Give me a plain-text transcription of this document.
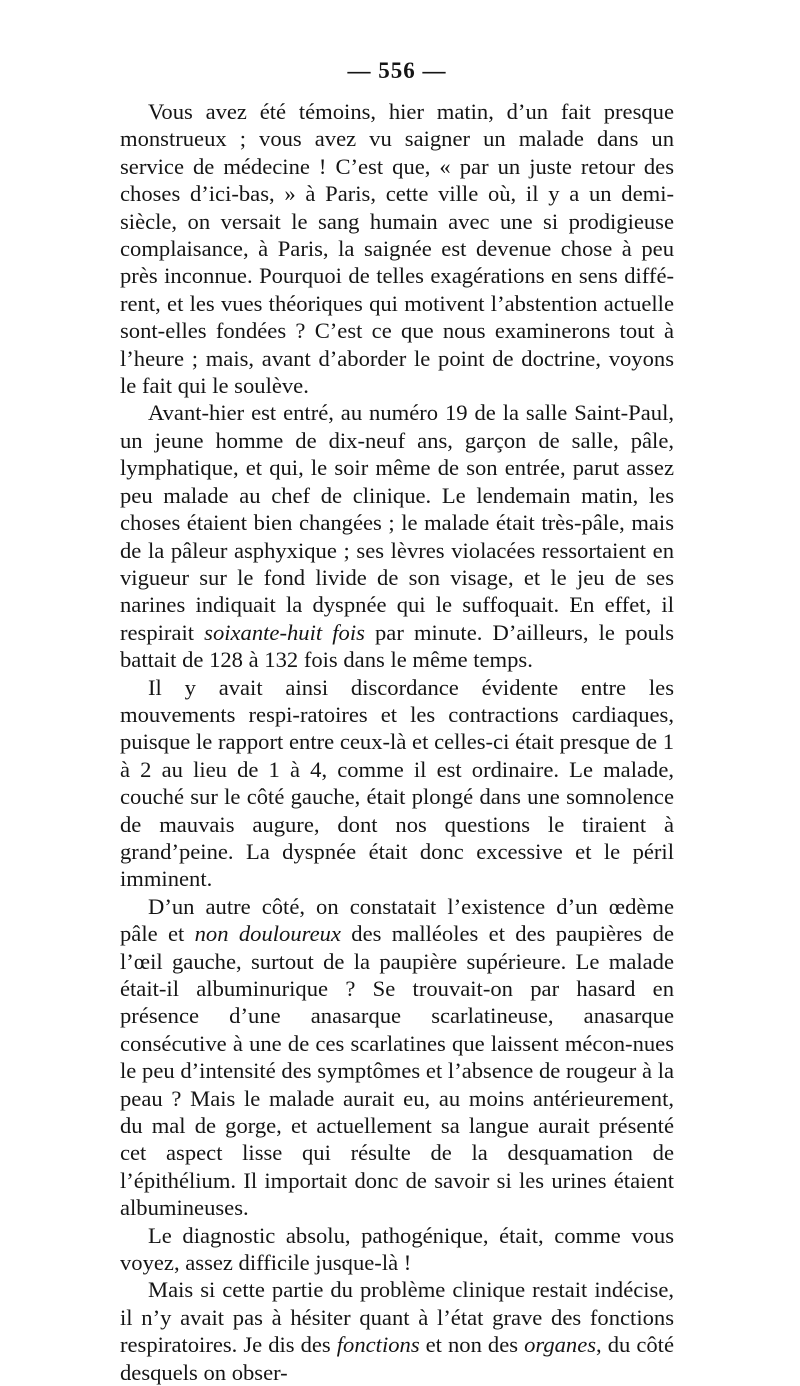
— 556 —

Vous avez été témoins, hier matin, d’un fait presque monstrueux ; vous avez vu saigner un malade dans un service de médecine ! C’est que, « par un juste retour des choses d’ici-bas, » à Paris, cette ville où, il y a un demi-siècle, on versait le sang humain avec une si prodigieuse complaisance, à Paris, la saignée est devenue chose à peu près inconnue. Pourquoi de telles exagérations en sens diffé-rent, et les vues théoriques qui motivent l’abstention actuelle sont-elles fondées ? C’est ce que nous examinerons tout à l’heure ; mais, avant d’aborder le point de doctrine, voyons le fait qui le soulève.

Avant-hier est entré, au numéro 19 de la salle Saint-Paul, un jeune homme de dix-neuf ans, garçon de salle, pâle, lymphatique, et qui, le soir même de son entrée, parut assez peu malade au chef de clinique. Le lendemain matin, les choses étaient bien changées ; le malade était très-pâle, mais de la pâleur asphyxique ; ses lèvres violacées ressortaient en vigueur sur le fond livide de son visage, et le jeu de ses narines indiquait la dyspnée qui le suffoquait. En effet, il respirait soixante-huit fois par minute. D’ailleurs, le pouls battait de 128 à 132 fois dans le même temps.

Il y avait ainsi discordance évidente entre les mouvements respi-ratoires et les contractions cardiaques, puisque le rapport entre ceux-là et celles-ci était presque de 1 à 2 au lieu de 1 à 4, comme il est ordinaire. Le malade, couché sur le côté gauche, était plongé dans une somnolence de mauvais augure, dont nos questions le tiraient à grand’peine. La dyspnée était donc excessive et le péril imminent.

D’un autre côté, on constatait l’existence d’un œdème pâle et non douloureux des malléoles et des paupières de l’œil gauche, surtout de la paupière supérieure. Le malade était-il albuminurique ? Se trouvait-on par hasard en présence d’une anasarque scarlatineuse, anasarque consécutive à une de ces scarlatines que laissent mécon-nues le peu d’intensité des symptômes et l’absence de rougeur à la peau ? Mais le malade aurait eu, au moins antérieurement, du mal de gorge, et actuellement sa langue aurait présenté cet aspect lisse qui résulte de la desquamation de l’épithélium. Il importait donc de savoir si les urines étaient albumineuses.

Le diagnostic absolu, pathogénique, était, comme vous voyez, assez difficile jusque-là !

Mais si cette partie du problème clinique restait indécise, il n’y avait pas à hésiter quant à l’état grave des fonctions respiratoires. Je dis des fonctions et non des organes, du côté desquels on obser-
